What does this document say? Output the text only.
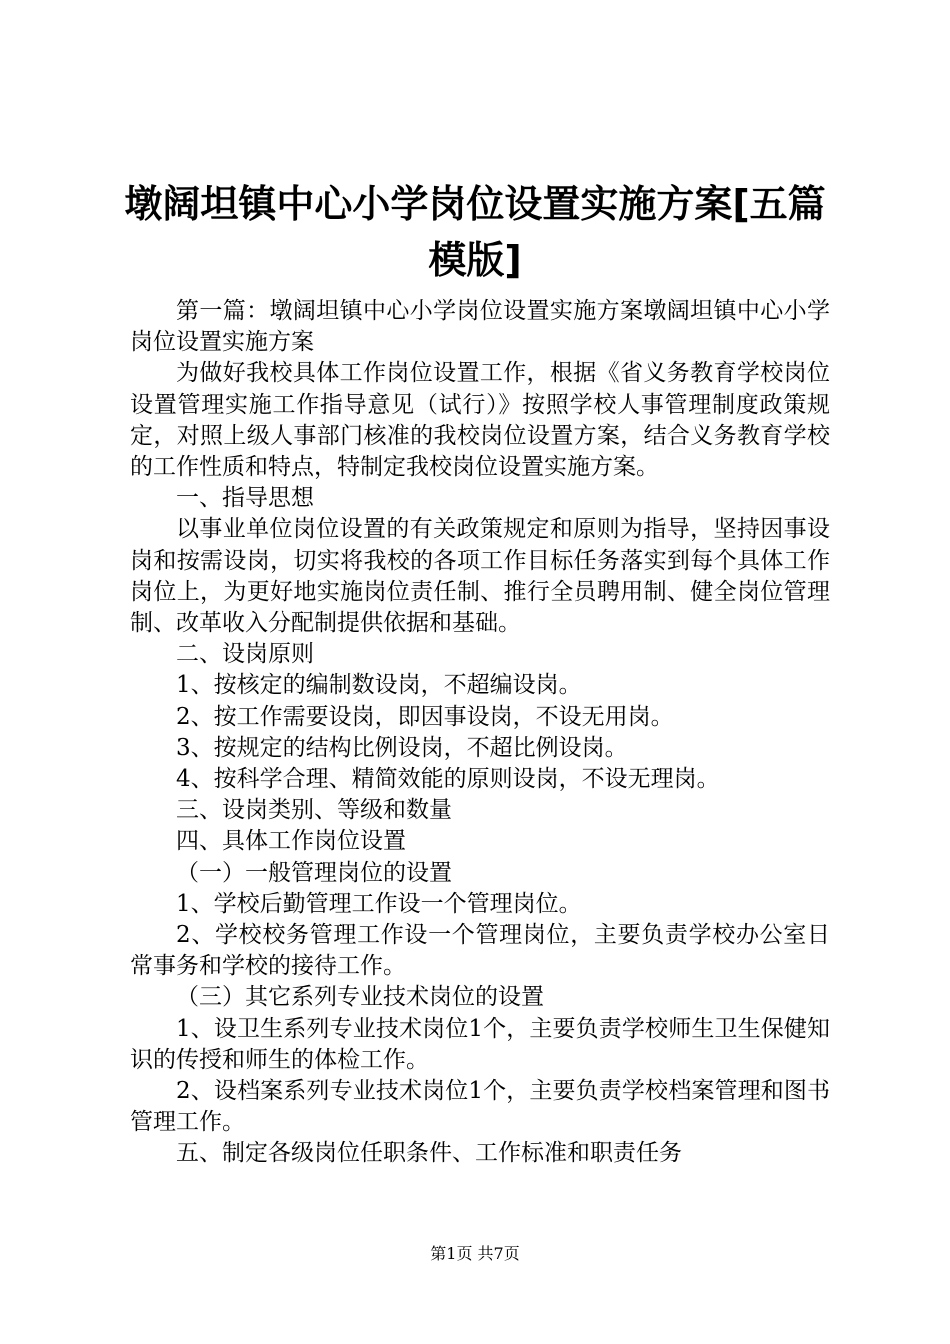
墩阔坦镇中心小学岗位设置实施方案[五篇模版]

第一篇：墩阔坦镇中心小学岗位设置实施方案墩阔坦镇中心小学岗位设置实施方案

为做好我校具体工作岗位设置工作，根据《省义务教育学校岗位设置管理实施工作指导意见（试行）》按照学校人事管理制度政策规定，对照上级人事部门核准的我校岗位设置方案，结合义务教育学校的工作性质和特点，特制定我校岗位设置实施方案。

一、指导思想

以事业单位岗位设置的有关政策规定和原则为指导，坚持因事设岗和按需设岗，切实将我校的各项工作目标任务落实到每个具体工作岗位上，为更好地实施岗位责任制、推行全员聘用制、健全岗位管理制、改革收入分配制提供依据和基础。

二、设岗原则

1、按核定的编制数设岗，不超编设岗。

2、按工作需要设岗，即因事设岗，不设无用岗。

3、按规定的结构比例设岗，不超比例设岗。

4、按科学合理、精简效能的原则设岗，不设无理岗。

三、设岗类别、等级和数量

四、具体工作岗位设置

（一）一般管理岗位的设置

1、学校后勤管理工作设一个管理岗位。

2、学校校务管理工作设一个管理岗位，主要负责学校办公室日常事务和学校的接待工作。

（三）其它系列专业技术岗位的设置

1、设卫生系列专业技术岗位1个，主要负责学校师生卫生保健知识的传授和师生的体检工作。

2、设档案系列专业技术岗位1个，主要负责学校档案管理和图书管理工作。

五、制定各级岗位任职条件、工作标准和职责任务

第1页 共7页
